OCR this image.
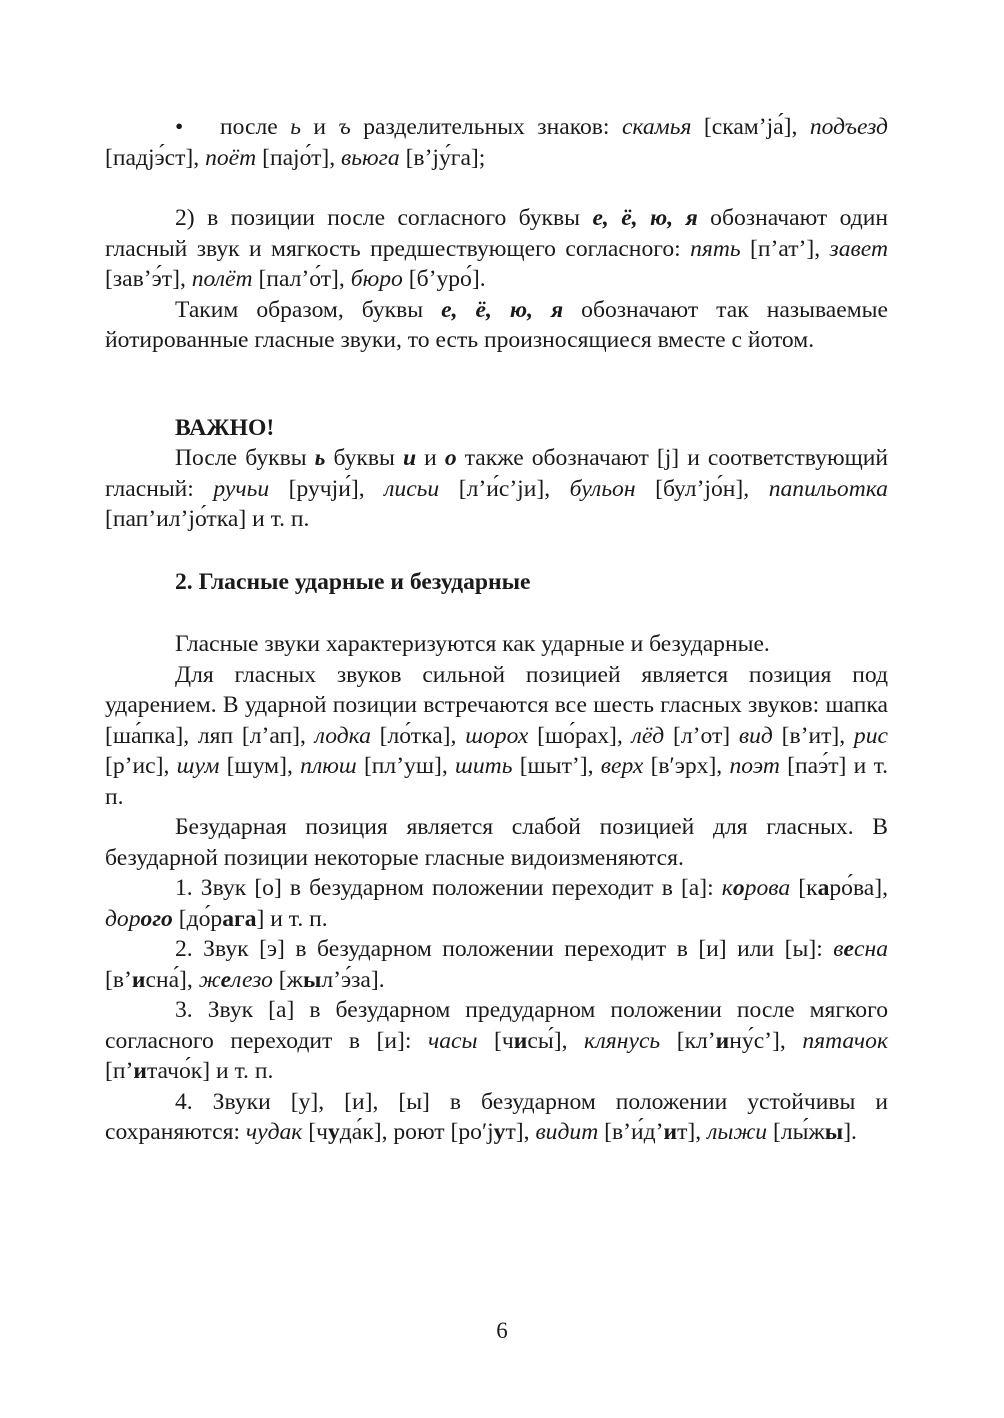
• после ь и ъ разделительных знаков: скамья [скам’jа́], подъезд [падjэ́ст], поёт [паjо́т], вьюга [в’jу́га];

2) в позиции после согласного буквы е, ё, ю, я обозначают один гласный звук и мягкость предшествующего согласного: пять [п’ат’], завет [зав’э́т], полёт [пал’о́т], бюро [б’уро́].

Таким образом, буквы е, ё, ю, я обозначают так называемые йотированные гласные звуки, то есть произносящиеся вместе с йотом.

ВАЖНО!

После буквы ь буквы и и о также обозначают [j] и соответствующий гласный: ручьи [ручjи́], лисьи [л’и́с’jи], бульон [бул’jо́н], папильотка [пап’ил’jо́тка] и т. п.

2. Гласные ударные и безударные

Гласные звуки характеризуются как ударные и безударные.

Для гласных звуков сильной позицией является позиция под ударением. В ударной позиции встречаются все шесть гласных звуков: шапка [ша́пка], ляп [л’ап], лодка [ло́тка], шорох [шо́рах], лёд [л’от] вид [в’ит], рис [р’ис], шум [шум], плюш [пл’уш], шить [шыт’], верх [в′эрх], поэт [паэ́т] и т. п.

Безударная позиция является слабой позицией для гласных. В безударной позиции некоторые гласные видоизменяются.

1. Звук [о] в безударном положении переходит в [а]: корова [каро́ва], дорого [до́рага] и т. п.

2. Звук [э] в безударном положении переходит в [и] или [ы]: весна [в’исна́], железо [жыл’э́за].

3. Звук [а] в безударном предударном положении после мягкого согласного переходит в [и]: часы [чисы́], клянусь [кл’ину́с’], пятачок [п’итачо́к] и т. п.

4. Звуки [у], [и], [ы] в безударном положении устойчивы и сохраняются: чудак [чуда́к], роют [ро′jут], видит [в’и́д’ит], лыжи [лы́жы].

6
